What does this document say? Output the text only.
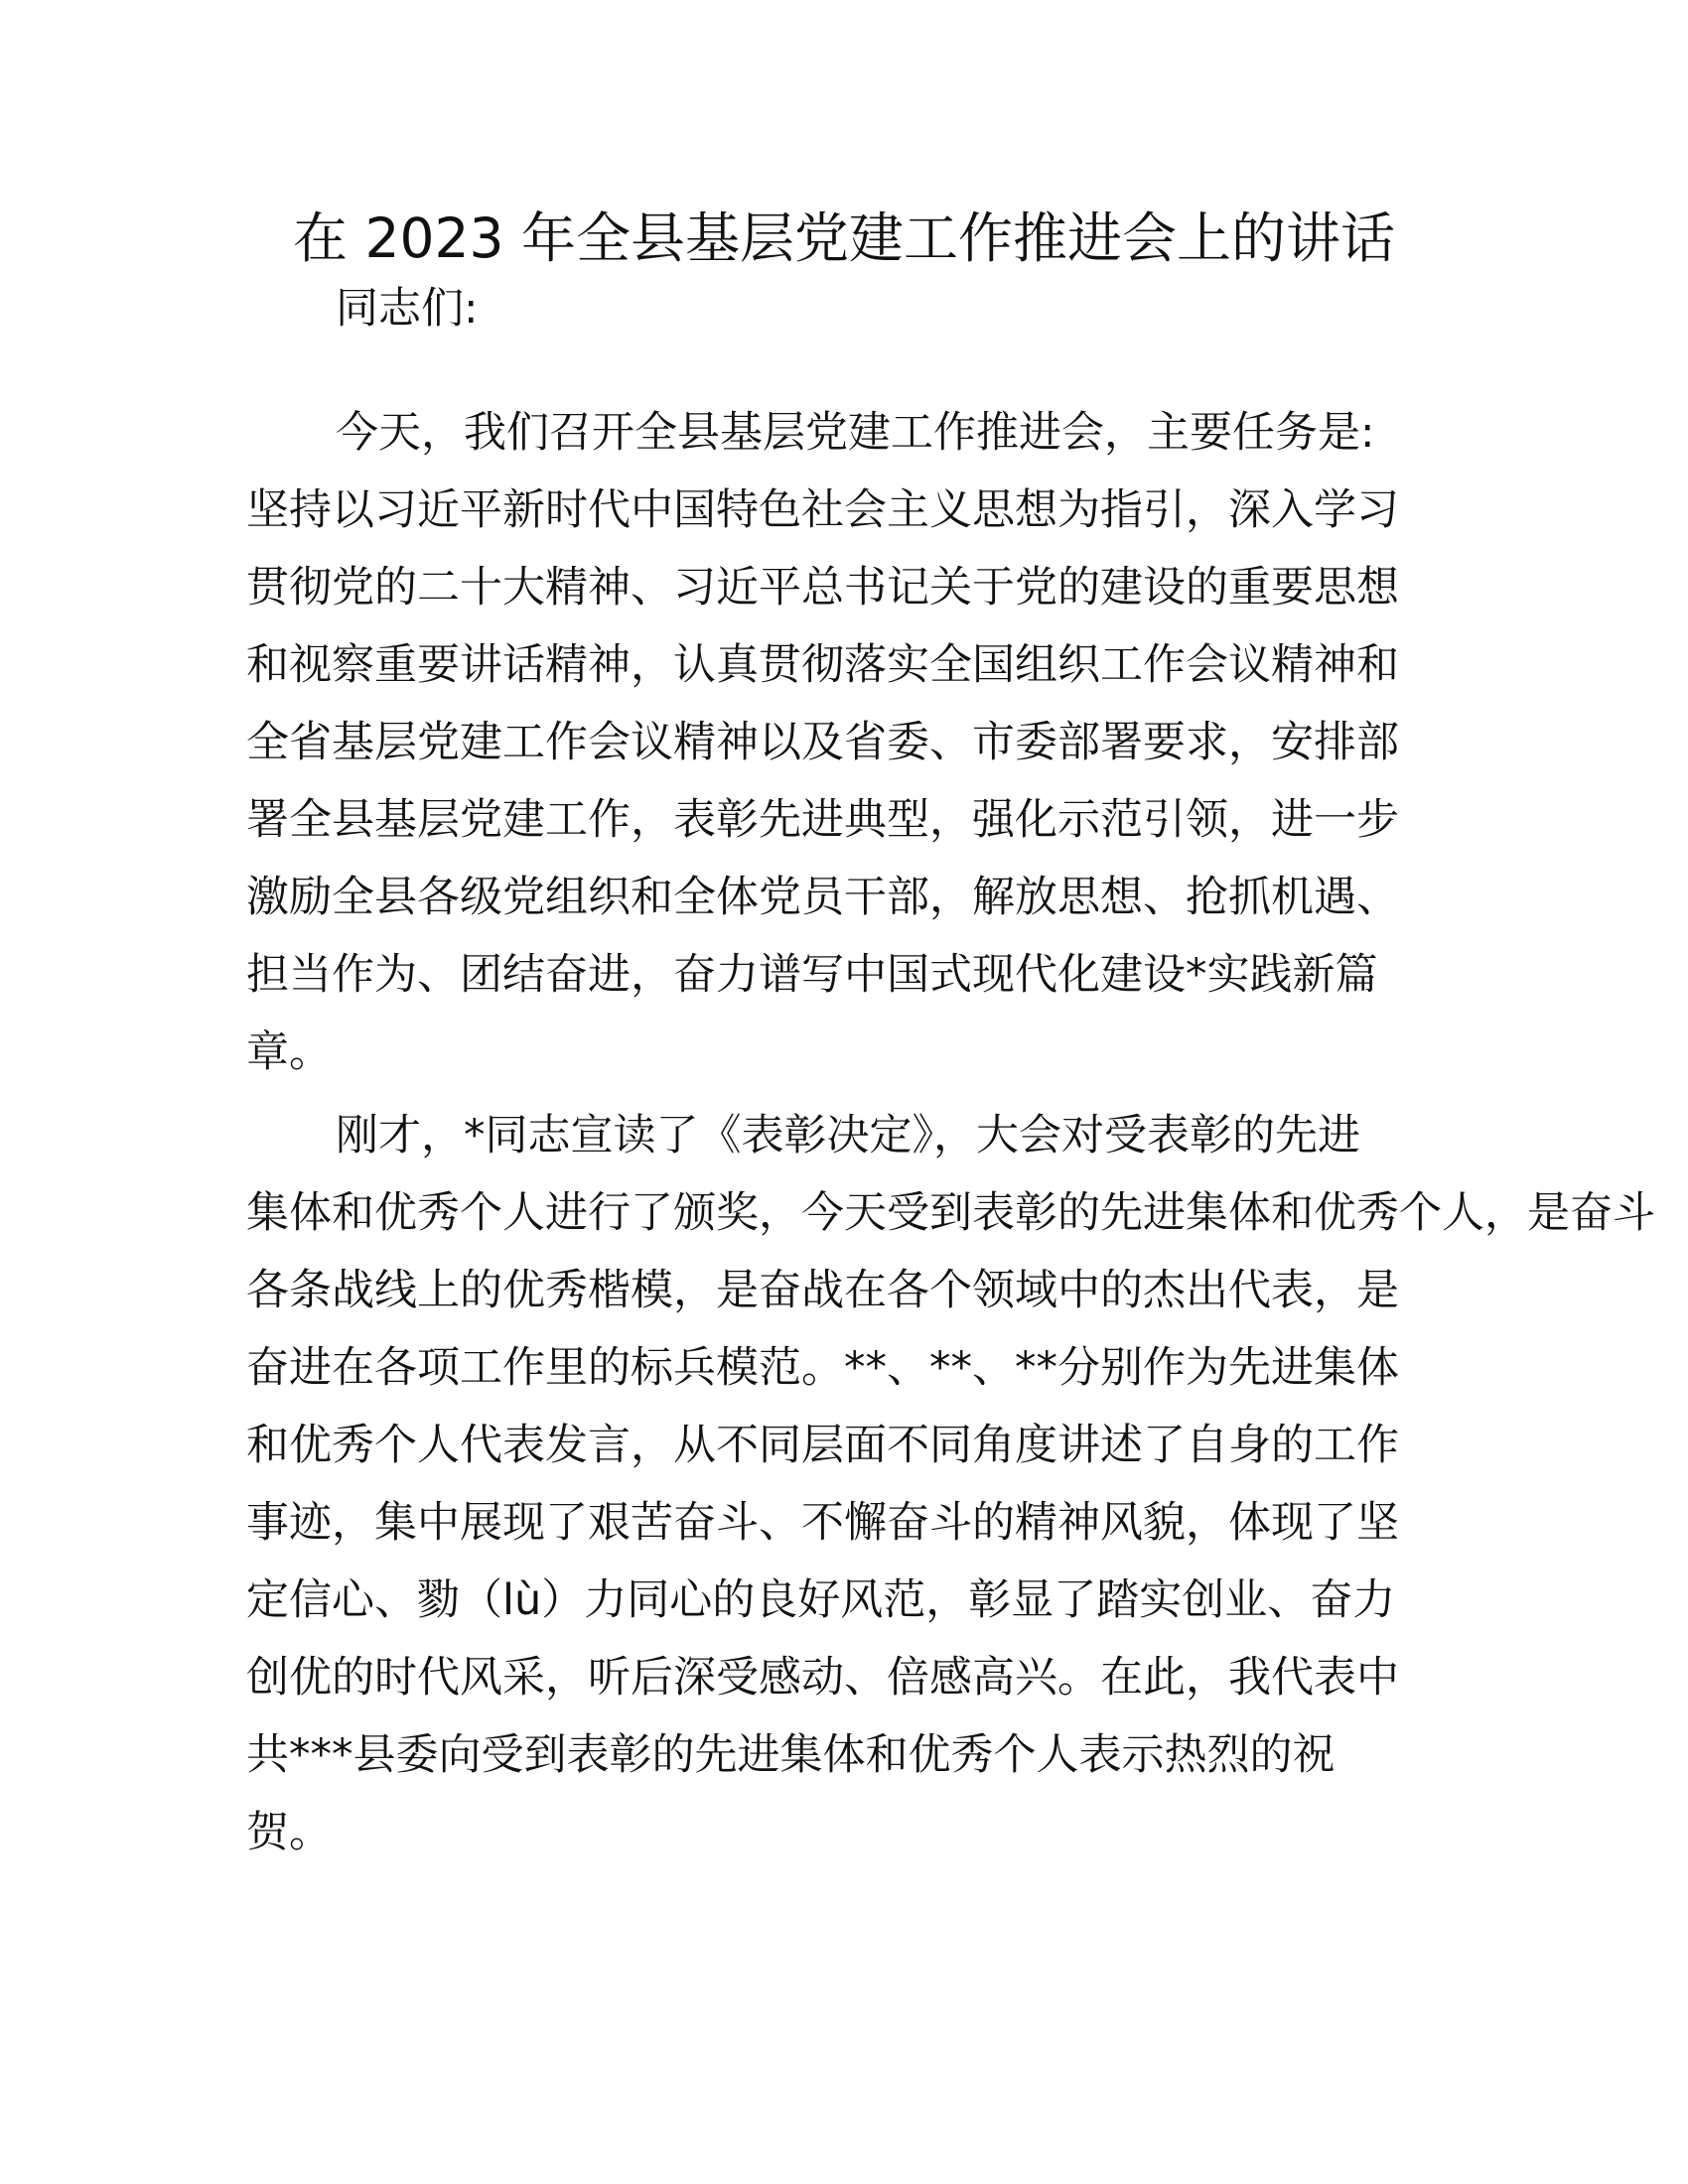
在 2023 年全县基层党建工作推进会上的讲话
同志们:
今天，我们召开全县基层党建工作推进会，主要任务是:
坚持以习近平新时代中国特色社会主义思想为指引，深入学习
贯彻党的二十大精神、习近平总书记关于党的建设的重要思想
和视察重要讲话精神，认真贯彻落实全国组织工作会议精神和
全省基层党建工作会议精神以及省委、市委部署要求，安排部
署全县基层党建工作，表彰先进典型，强化示范引领，进一步
激励全县各级党组织和全体党员干部，解放思想、抢抓机遇、
担当作为、团结奋进，奋力谱写中国式现代化建设*实践新篇
章。
刚才，*同志宣读了《表彰决定》，大会对受表彰的先进
集体和优秀个人进行了颁奖，今天受到表彰的先进集体和优秀个人，是奋斗
各条战线上的优秀楷模，是奋战在各个领域中的杰出代表，是
奋进在各项工作里的标兵模范。**、**、**分别作为先进集体
和优秀个人代表发言，从不同层面不同角度讲述了自身的工作
事迹，集中展现了艰苦奋斗、不懈奋斗的精神风貌，体现了坚
定信心、勠（lù）力同心的良好风范，彰显了踏实创业、奋力
创优的时代风采，听后深受感动、倍感高兴。在此，我代表中
共***县委向受到表彰的先进集体和优秀个人表示热烈的祝
贺。
